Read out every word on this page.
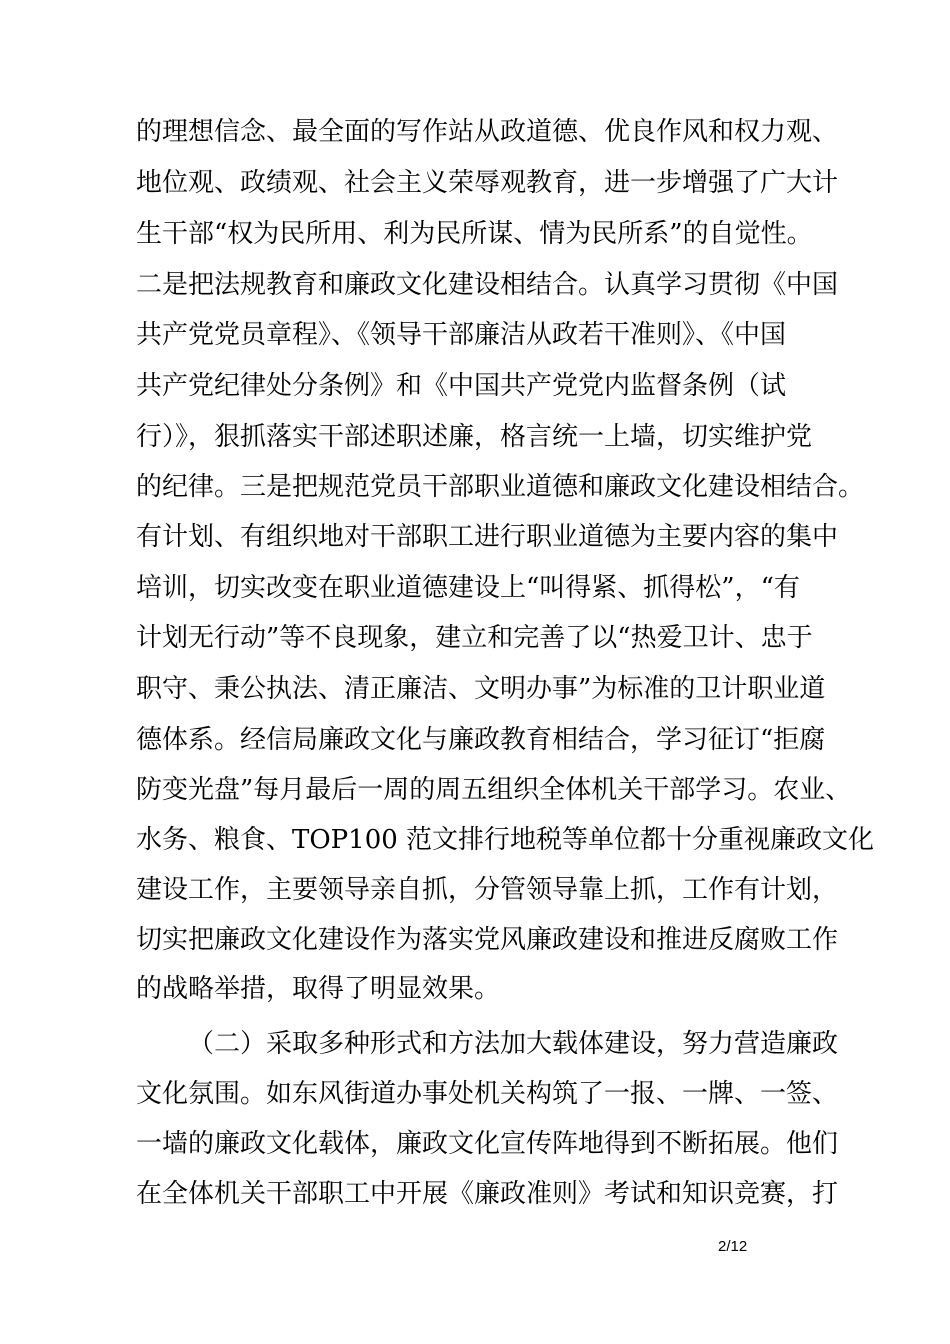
的理想信念、最全面的写作站从政道德、优良作风和权力观、
地位观、政绩观、社会主义荣辱观教育，进一步增强了广大计
生干部“权为民所用、利为民所谋、情为民所系”的自觉性。
二是把法规教育和廉政文化建设相结合。认真学习贯彻《中国
共产党党员章程》、《领导干部廉洁从政若干准则》、《中国
共产党纪律处分条例》和《中国共产党党内监督条例（试
行）》，狠抓落实干部述职述廉，格言统一上墙，切实维护党
的纪律。三是把规范党员干部职业道德和廉政文化建设相结合。
有计划、有组织地对干部职工进行职业道德为主要内容的集中
培训，切实改变在职业道德建设上“叫得紧、抓得松”，“有
计划无行动”等不良现象，建立和完善了以“热爱卫计、忠于
职守、秉公执法、清正廉洁、文明办事”为标准的卫计职业道
德体系。经信局廉政文化与廉政教育相结合，学习征订“拒腐
防变光盘”每月最后一周的周五组织全体机关干部学习。农业、
水务、粮食、TOP100 范文排行地税等单位都十分重视廉政文化
建设工作，主要领导亲自抓，分管领导靠上抓，工作有计划，
切实把廉政文化建设作为落实党风廉政建设和推进反腐败工作
的战略举措，取得了明显效果。
（二）采取多种形式和方法加大载体建设，努力营造廉政
文化氛围。如东风街道办事处机关构筑了一报、一牌、一签、
一墙的廉政文化载体，廉政文化宣传阵地得到不断拓展。他们
在全体机关干部职工中开展《廉政准则》考试和知识竞赛，打
2/12
